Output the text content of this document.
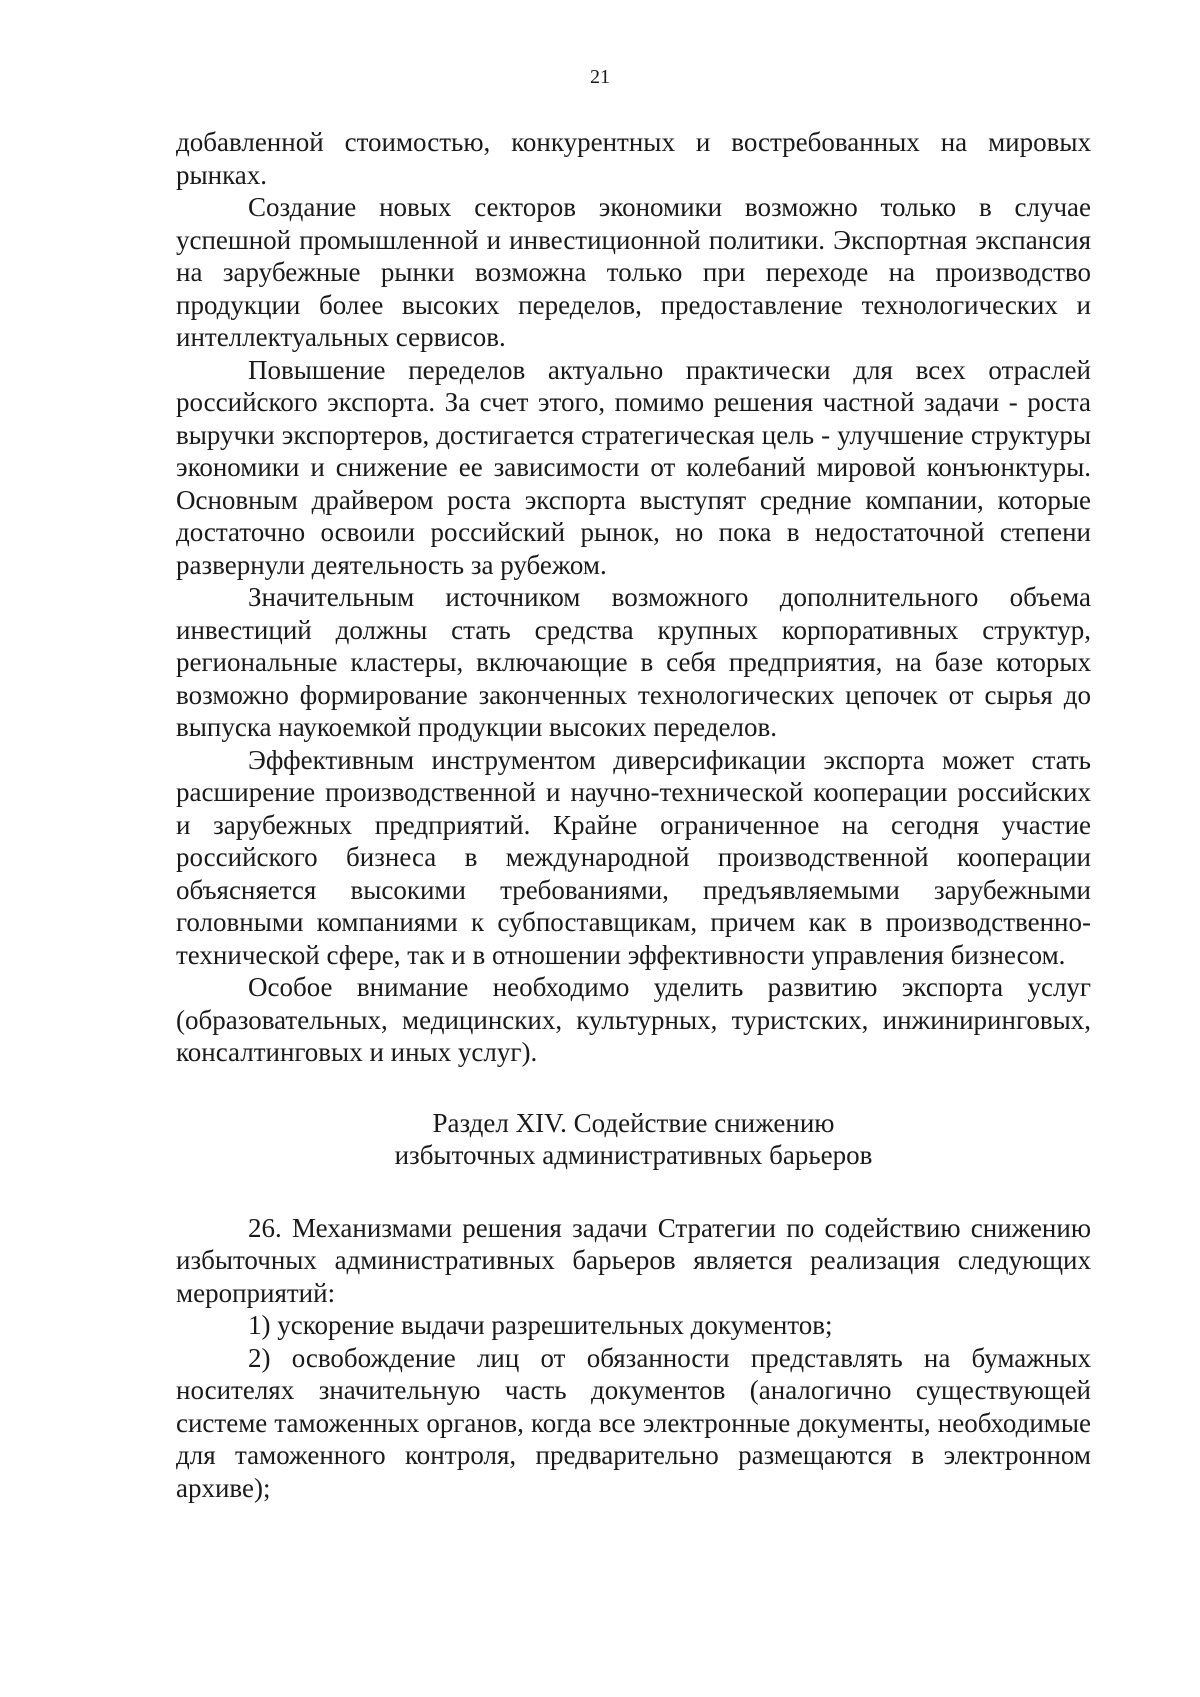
21

добавленной стоимостью, конкурентных и востребованных на мировых рынках.

Создание новых секторов экономики возможно только в случае успешной промышленной и инвестиционной политики. Экспортная экспансия на зарубежные рынки возможна только при переходе на производство продукции более высоких переделов, предоставление технологических и интеллектуальных сервисов.

Повышение переделов актуально практически для всех отраслей российского экспорта. За счет этого, помимо решения частной задачи - роста выручки экспортеров, достигается стратегическая цель - улучшение структуры экономики и снижение ее зависимости от колебаний мировой конъюнктуры. Основным драйвером роста экспорта выступят средние компании, которые достаточно освоили российский рынок, но пока в недостаточной степени развернули деятельность за рубежом.

Значительным источником возможного дополнительного объема инвестиций должны стать средства крупных корпоративных структур, региональные кластеры, включающие в себя предприятия, на базе которых возможно формирование законченных технологических цепочек от сырья до выпуска наукоемкой продукции высоких переделов.

Эффективным инструментом диверсификации экспорта может стать расширение производственной и научно-технической кооперации российских и зарубежных предприятий. Крайне ограниченное на сегодня участие российского бизнеса в международной производственной кооперации объясняется высокими требованиями, предъявляемыми зарубежными головными компаниями к субпоставщикам, причем как в производственно-технической сфере, так и в отношении эффективности управления бизнесом.

Особое внимание необходимо уделить развитию экспорта услуг (образовательных, медицинских, культурных, туристских, инжиниринговых, консалтинговых и иных услуг).

Раздел XIV. Содействие снижению
избыточных административных барьеров

26. Механизмами решения задачи Стратегии по содействию снижению избыточных административных барьеров является реализация следующих мероприятий:

1) ускорение выдачи разрешительных документов;

2) освобождение лиц от обязанности представлять на бумажных носителях значительную часть документов (аналогично существующей системе таможенных органов, когда все электронные документы, необходимые для таможенного контроля, предварительно размещаются в электронном архиве);
